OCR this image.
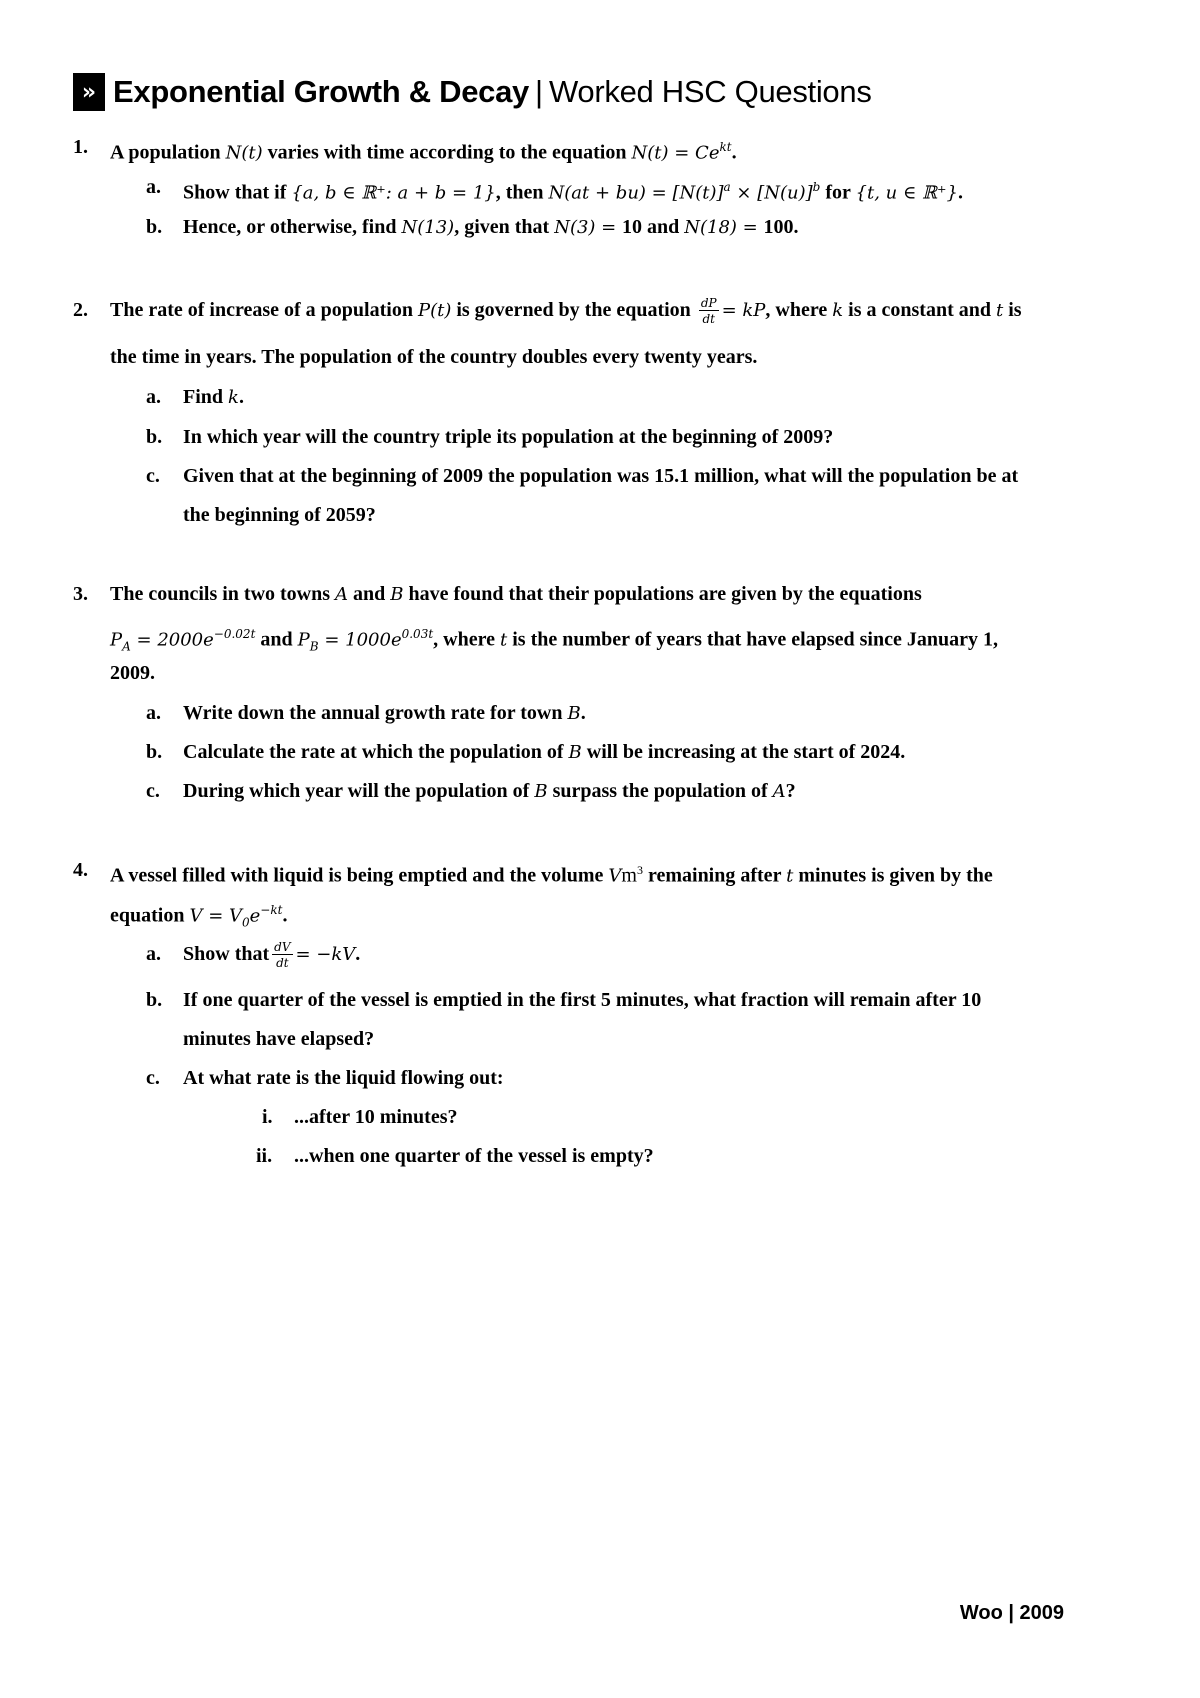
» Exponential Growth & Decay | Worked HSC Questions
1. A population N(t) varies with time according to the equation $N(t) = Ce^{kt}$.
a. Show that if {a, b ∈ ℝ⁺: a + b = 1}, then $N(at + bu) = [N(t)]^a \times [N(u)]^b$ for {t, u ∈ ℝ⁺}.
b. Hence, or otherwise, find N(13), given that N(3) = 10 and N(18) = 100.
2. The rate of increase of a population P(t) is governed by the equation $\frac{dP}{dt}$ = kP, where k is a constant and t is
the time in years. The population of the country doubles every twenty years.
a. Find k.
b. In which year will the country triple its population at the beginning of 2009?
c. Given that at the beginning of 2009 the population was 15.1 million, what will the population be at
the beginning of 2059?
3. The councils in two towns A and B have found that their populations are given by the equations
$P_A = 2000e^{-0.02t}$ and $P_B = 1000e^{0.03t}$, where t is the number of years that have elapsed since January 1,
2009.
a. Write down the annual growth rate for town B.
b. Calculate the rate at which the population of B will be increasing at the start of 2024.
c. During which year will the population of B surpass the population of A?
4. A vessel filled with liquid is being emptied and the volume Vm$^3$ remaining after t minutes is given by the
equation $V = V_0e^{-kt}$.
a. Show that $\frac{dV}{dt} = -kV$.
b. If one quarter of the vessel is emptied in the first 5 minutes, what fraction will remain after 10
minutes have elapsed?
c. At what rate is the liquid flowing out:
i. ...after 10 minutes?
ii. ...when one quarter of the vessel is empty?
Woo | 2009
